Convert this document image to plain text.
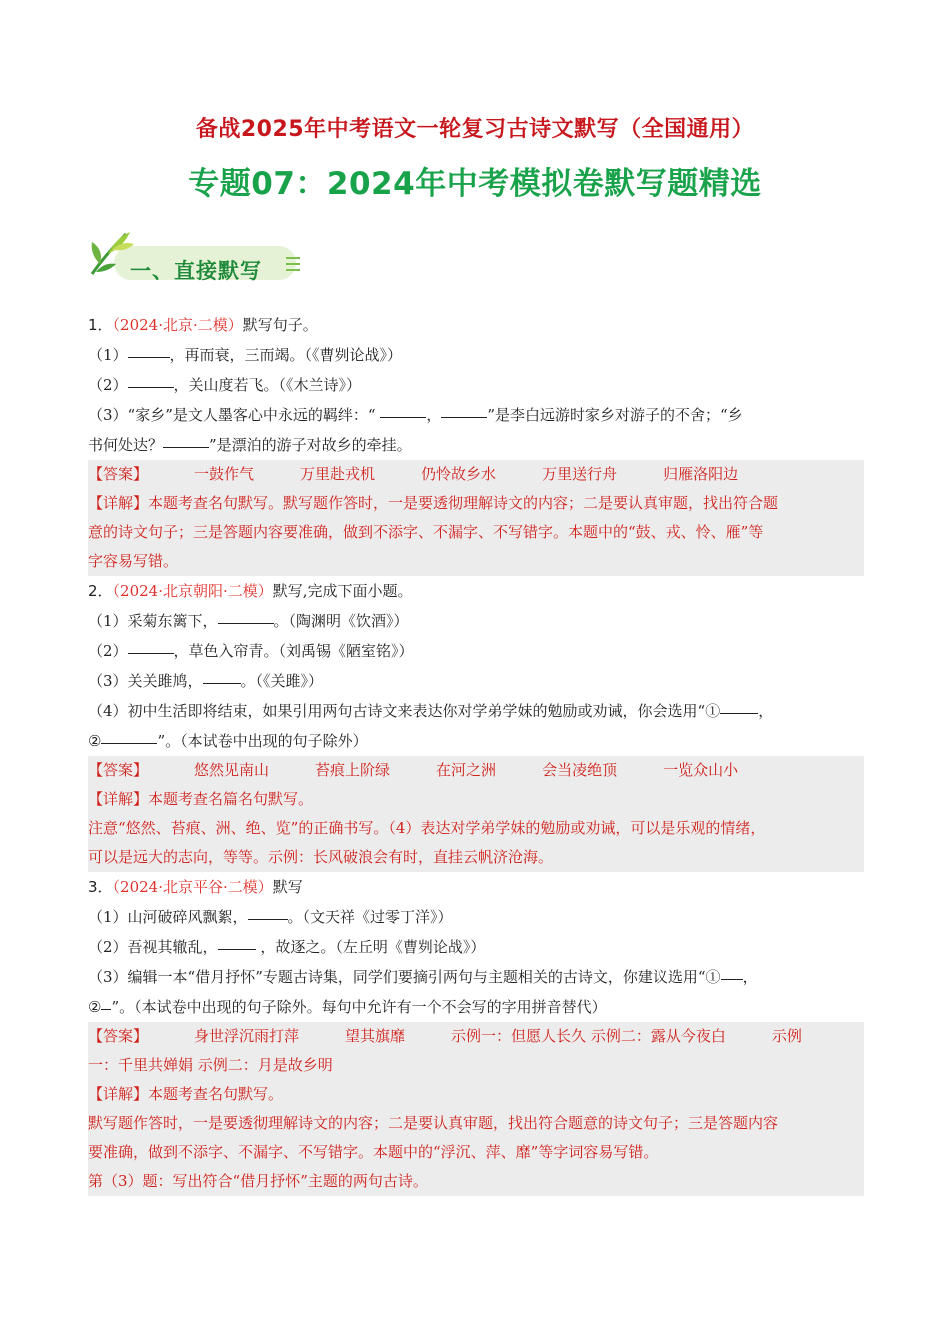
备战2025年中考语文一轮复习古诗文默写（全国通用）
专题07：2024年中考模拟卷默写题精选
一、直接默写
1．（2024·北京·二模）默写句子。
（1）	，再而衰，三而竭。（《曹刿论战》）
（2）	，关山度若飞。（《木兰诗》）
（3）“家乡”是文人墨客心中永远的羁绊：“	，	”是李白远游时家乡对游子的不舍；“乡
书何处达？	”是漂泊的游子对故乡的牵挂。
【答案】	一鼓作气	万里赴戎机	仍怜故乡水	万里送行舟	归雁洛阳边
【详解】本题考查名句默写。默写题作答时，一是要透彻理解诗文的内容；二是要认真审题，找出符合题
意的诗文句子；三是答题内容要准确，做到不添字、不漏字、不写错字。本题中的“鼓、戎、怜、雁”等
字容易写错。
2．（2024·北京朝阳·二模）默写,完成下面小题。
（1）采菊东篱下，	。（陶渊明《饮酒》）
（2）	，草色入帘青。（刘禹锡《陋室铭》）
（3）关关雎鸠，	。（《关雎》）
（4）初中生活即将结束，如果引用两句古诗文来表达你对学弟学妹的勉励或劝诫，你会选用“①	，
②	”。（本试卷中出现的句子除外）
【答案】	悠然见南山	苔痕上阶绿	在河之洲	会当凌绝顶	一览众山小
【详解】本题考查名篇名句默写。
注意“悠然、苔痕、洲、绝、览”的正确书写。（4）表达对学弟学妹的勉励或劝诫，可以是乐观的情绪，
可以是远大的志向，等等。示例：长风破浪会有时，直挂云帆济沧海。
3．（2024·北京平谷·二模）默写
（1）山河破碎风飘絮，	。（文天祥《过零丁洋》）
（2）吾视其辙乱，	，故逐之。（左丘明《曹刿论战》）
（3）编辑一本“借月抒怀”专题古诗集，同学们要摘引两句与主题相关的古诗文，你建议选用“① ，
② ”。（本试卷中出现的句子除外。每句中允许有一个不会写的字用拼音替代）
【答案】	身世浮沉雨打萍	望其旗靡	示例一：但愿人长久 示例二：露从今夜白	示例
一：千里共婵娟 示例二：月是故乡明
【详解】本题考查名句默写。
默写题作答时，一是要透彻理解诗文的内容；二是要认真审题，找出符合题意的诗文句子；三是答题内容
要准确，做到不添字、不漏字、不写错字。本题中的“浮沉、萍、靡”等字词容易写错。
第（3）题：写出符合“借月抒怀”主题的两句古诗。
